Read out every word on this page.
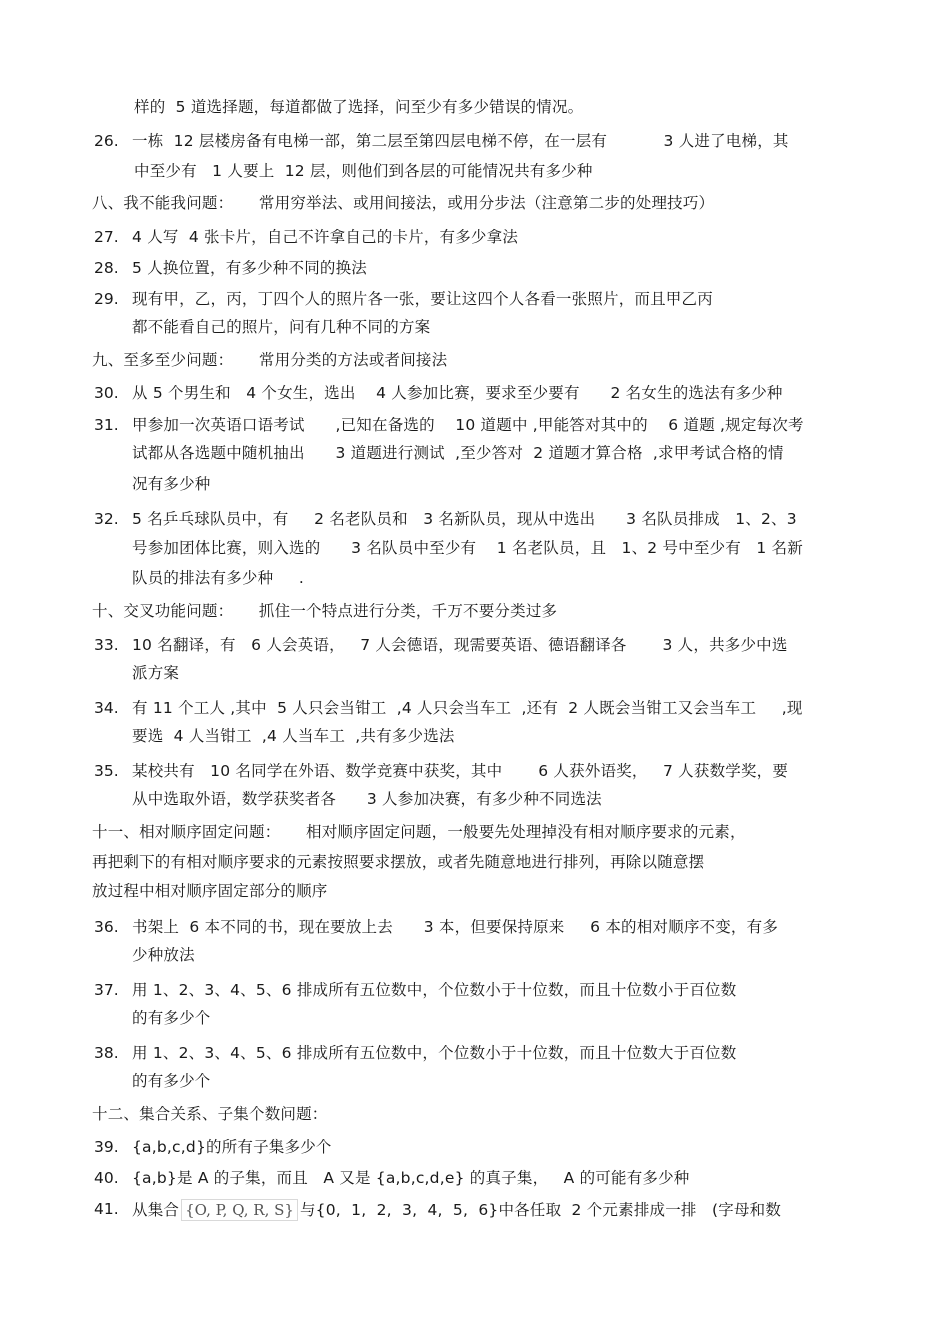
样的  5 道选择题，每道都做了选择，问至少有多少错误的情况。
26. 一栋  12 层楼房备有电梯一部，第二层至第四层电梯不停，在一层有           3 人进了电梯，其
中至少有   1 人要上  12 层，则他们到各层的可能情况共有多少种
八、我不能我问题：     常用穷举法、或用间接法，或用分步法（注意第二步的处理技巧）
27. 4 人写  4 张卡片，自己不许拿自己的卡片，有多少拿法
28. 5 人换位置，有多少种不同的换法
29. 现有甲，乙，丙，丁四个人的照片各一张，要让这四个人各看一张照片，而且甲乙丙
都不能看自己的照片，问有几种不同的方案
九、至多至少问题：     常用分类的方法或者间接法
30. 从 5 个男生和   4 个女生，选出    4 人参加比赛，要求至少要有      2 名女生的选法有多少种
31. 甲参加一次英语口语考试      ,已知在备选的    10 道题中 ,甲能答对其中的    6 道题 ,规定每次考
试都从各选题中随机抽出      3 道题进行测试  ,至少答对  2 道题才算合格  ,求甲考试合格的情
况有多少种
32. 5 名乒乓球队员中，有     2 名老队员和   3 名新队员，现从中选出      3 名队员排成   1、2、3
号参加团体比赛，则入选的      3 名队员中至少有    1 名老队员，且   1、2 号中至少有   1 名新
队员的排法有多少种     .
十、交叉功能问题：     抓住一个特点进行分类，千万不要分类过多
33. 10 名翻译，有   6 人会英语，   7 人会德语，现需要英语、德语翻译各       3 人，共多少中选
派方案
34. 有 11 个工人 ,其中  5 人只会当钳工  ,4 人只会当车工  ,还有  2 人既会当钳工又会当车工     ,现
要选  4 人当钳工  ,4 人当车工  ,共有多少选法
35. 某校共有   10 名同学在外语、数学竞赛中获奖，其中       6 人获外语奖，   7 人获数学奖，要
从中选取外语，数学获奖者各      3 人参加决赛，有多少种不同选法
十一、相对顺序固定问题：     相对顺序固定问题，一般要先处理掉没有相对顺序要求的元素，
再把剩下的有相对顺序要求的元素按照要求摆放，或者先随意地进行排列，再除以随意摆
放过程中相对顺序固定部分的顺序
36. 书架上  6 本不同的书，现在要放上去      3 本，但要保持原来     6 本的相对顺序不变，有多
少种放法
37. 用 1、2、3、4、5、6 排成所有五位数中，个位数小于十位数，而且十位数小于百位数
的有多少个
38. 用 1、2、3、4、5、6 排成所有五位数中，个位数小于十位数，而且十位数大于百位数
的有多少个
十二、集合关系、子集个数问题：
39. {a,b,c,d}的所有子集多少个
40. {a,b}是 A 的子集，而且   A 又是 {a,b,c,d,e} 的真子集，   A 的可能有多少种
41. 从集合 {O, P, Q, R, S} 与{0,  1,  2,  3,  4,  5,  6}中各任取  2 个元素排成一排   (字母和数
